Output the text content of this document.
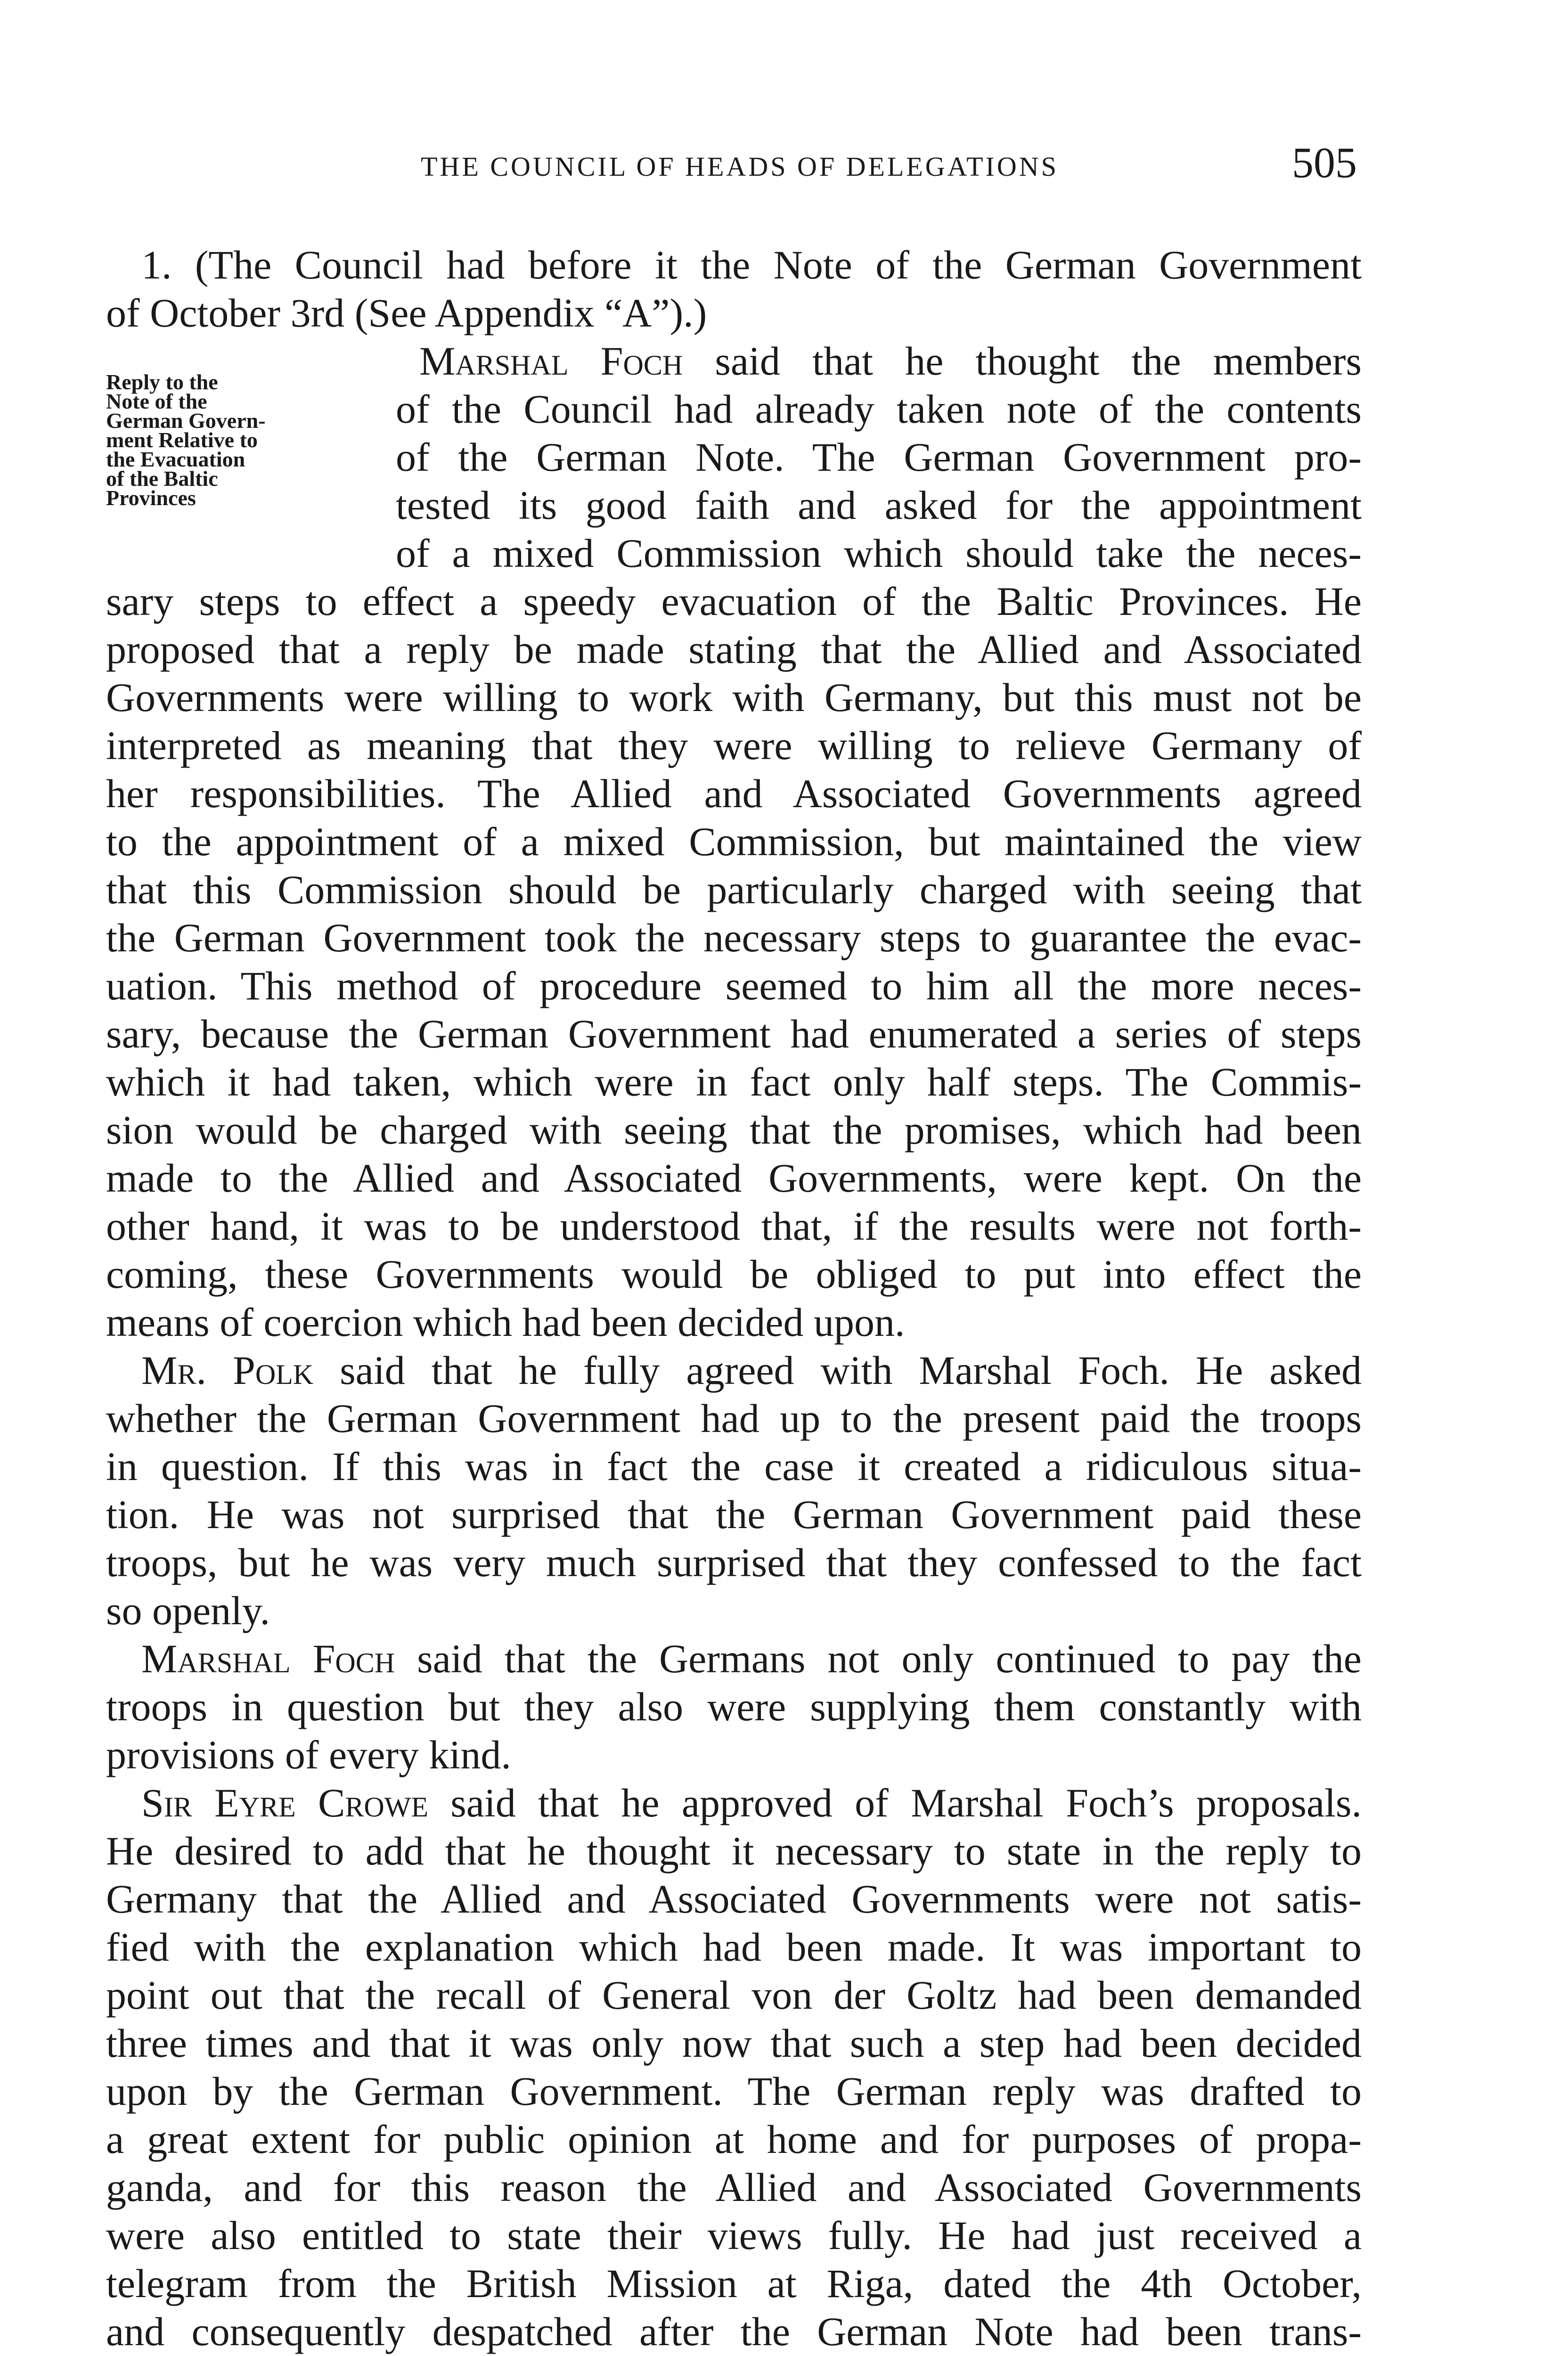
THE COUNCIL OF HEADS OF DELEGATIONS	505
Reply to the
Note of the
German Govern-
ment Relative to
the Evacuation
of the Baltic
Provinces
1. (The Council had before it the Note of the German Government
of October 3rd (See Appendix “A”).)
Marshal Foch said that he thought the members
of the Council had already taken note of the contents
of the German Note. The German Government pro-
tested its good faith and asked for the appointment
of a mixed Commission which should take the neces-
sary steps to effect a speedy evacuation of the Baltic Provinces. He
proposed that a reply be made stating that the Allied and Associated
Governments were willing to work with Germany, but this must not be
interpreted as meaning that they were willing to relieve Germany of
her responsibilities. The Allied and Associated Governments agreed
to the appointment of a mixed Commission, but maintained the view
that this Commission should be particularly charged with seeing that
the German Government took the necessary steps to guarantee the evac-
uation. This method of procedure seemed to him all the more neces-
sary, because the German Government had enumerated a series of steps
which it had taken, which were in fact only half steps. The Commis-
sion would be charged with seeing that the promises, which had been
made to the Allied and Associated Governments, were kept. On the
other hand, it was to be understood that, if the results were not forth-
coming, these Governments would be obliged to put into effect the
means of coercion which had been decided upon.
Mr. Polk said that he fully agreed with Marshal Foch. He asked
whether the German Government had up to the present paid the troops
in question. If this was in fact the case it created a ridiculous situa-
tion. He was not surprised that the German Government paid these
troops, but he was very much surprised that they confessed to the fact
so openly.
Marshal Foch said that the Germans not only continued to pay the
troops in question but they also were supplying them constantly with
provisions of every kind.
Sir Eyre Crowe said that he approved of Marshal Foch’s proposals.
He desired to add that he thought it necessary to state in the reply to
Germany that the Allied and Associated Governments were not satis-
fied with the explanation which had been made. It was important to
point out that the recall of General von der Goltz had been demanded
three times and that it was only now that such a step had been decided
upon by the German Government. The German reply was drafted to
a great extent for public opinion at home and for purposes of propa-
ganda, and for this reason the Allied and Associated Governments
were also entitled to state their views fully. He had just received a
telegram from the British Mission at Riga, dated the 4th October,
and consequently despatched after the German Note had been trans-
